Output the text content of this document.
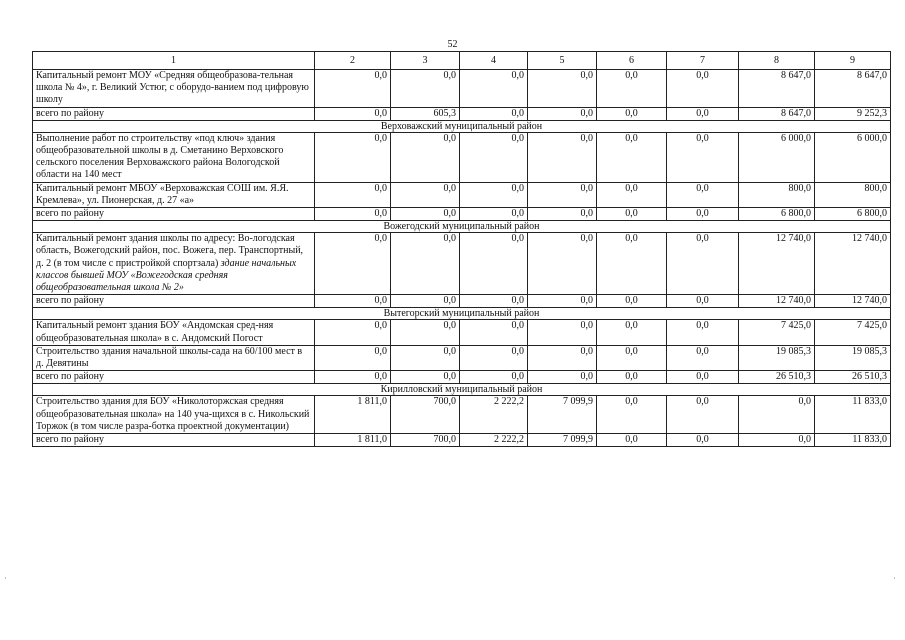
52
1	2	3	4	5	6	7	8	9
Капитальный ремонт МОУ «Средняя общеобразова-тельная школа № 4», г. Великий Устюг, с оборудо-ванием под цифровую школу	0,0	0,0	0,0	0,0	0,0	0,0	8 647,0	8 647,0
всего по району	0,0	605,3	0,0	0,0	0,0	0,0	8 647,0	9 252,3
Верховажский муниципальный район								
Выполнение работ по строительству «под ключ» здания общеобразовательной школы в д. Сметанино Верховского сельского поселения Верховажского района Вологодской области на 140 мест	0,0	0,0	0,0	0,0	0,0	0,0	6 000,0	6 000,0
Капитальный ремонт МБОУ «Верховажская СОШ им. Я.Я. Кремлева», ул. Пионерская, д. 27 «а»	0,0	0,0	0,0	0,0	0,0	0,0	800,0	800,0
всего по району	0,0	0,0	0,0	0,0	0,0	0,0	6 800,0	6 800,0
Вожегодский муниципальный район								
Капитальный ремонт здания школы по адресу: Во-логодская область, Вожегодский район, пос. Вожега, пер. Транспортный, д. 2 (в том числе с пристройкой спортзала) здание начальных классов бывшей МОУ «Вожегодская средняя общеобразовательная школа № 2»	0,0	0,0	0,0	0,0	0,0	0,0	12 740,0	12 740,0
всего по району	0,0	0,0	0,0	0,0	0,0	0,0	12 740,0	12 740,0
Вытегорский муниципальный район								
Капитальный ремонт здания БОУ «Андомская сред-няя общеобразовательная школа» в с. Андомский Погост	0,0	0,0	0,0	0,0	0,0	0,0	7 425,0	7 425,0
Строительство здания начальной школы-сада на 60/100 мест в д. Девятины	0,0	0,0	0,0	0,0	0,0	0,0	19 085,3	19 085,3
всего по району	0,0	0,0	0,0	0,0	0,0	0,0	26 510,3	26 510,3
Кирилловский муниципальный район								
Строительство здания для БОУ «Николоторжская средняя общеобразовательная школа» на 140 уча-щихся в с. Никольский Торжок (в том числе разра-ботка проектной документации)	1 811,0	700,0	2 222,2	7 099,9	0,0	0,0	0,0	11 833,0
всего по району	1 811,0	700,0	2 222,2	7 099,9	0,0	0,0	0,0	11 833,0
·	·
